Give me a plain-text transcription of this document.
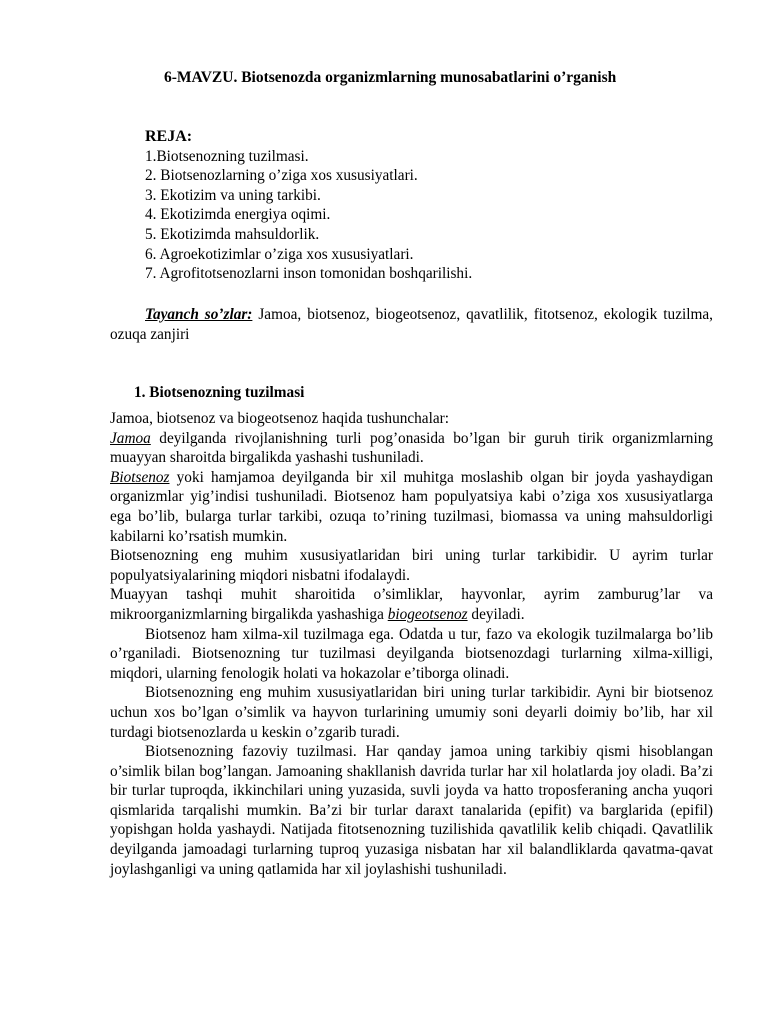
6-MAVZU. Biotsenozda organizmlarning munosabatlarini o’rganish
REJA:
1.Biotsenozning tuzilmasi.
2. Biotsenozlarning o’ziga xos xususiyatlari.
3. Ekotizim va uning tarkibi.
4. Ekotizimda energiya oqimi.
5. Ekotizimda mahsuldorlik.
6. Agroekotizimlar o’ziga xos xususiyatlari.
7. Agrofitotsenozlarni inson tomonidan boshqarilishi.

Tayanch so’zlar: Jamoa, biotsenoz, biogeotsenoz, qavatlilik, fitotsenoz, ekologik tuzilma, ozuqa zanjiri

1. Biotsenozning tuzilmasi

Jamoa, biotsenoz va biogeotsenoz haqida tushunchalar:

Jamoa deyilganda rivojlanishning turli pog’onasida bo’lgan bir guruh tirik organizmlarning muayyan sharoitda birgalikda yashashi tushuniladi.

Biotsenoz yoki hamjamoa deyilganda bir xil muhitga moslashib olgan bir joyda yashaydigan organizmlar yig’indisi tushuniladi. Biotsenoz ham populyatsiya kabi o’ziga xos xususiyatlarga ega bo’lib, bularga turlar tarkibi, ozuqa to’rining tuzilmasi, biomassa va uning mahsuldorligi kabilarni ko’rsatish mumkin.

Biotsenozning eng muhim xususiyatlaridan biri uning turlar tarkibidir. U ayrim turlar populyatsiyalarining miqdori nisbatni ifodalaydi.

Muayyan tashqi muhit sharoitida o’simliklar, hayvonlar, ayrim zamburug’lar va mikroorganizmlarning birgalikda yashashiga biogeotsenoz deyiladi.

Biotsenoz ham xilma-xil tuzilmaga ega. Odatda u tur, fazo va ekologik tuzilmalarga bo’lib o’rganiladi. Biotsenozning tur tuzilmasi deyilganda biotsenozdagi turlarning xilma-xilligi, miqdori, ularning fenologik holati va hokazolar e’tiborga olinadi.

Biotsenozning eng muhim xususiyatlaridan biri uning turlar tarkibidir. Ayni bir biotsenoz uchun xos bo’lgan o’simlik va hayvon turlarining umumiy soni deyarli doimiy bo’lib, har xil turdagi biotsenozlarda u keskin o’zgarib turadi.

Biotsenozning fazoviy tuzilmasi. Har qanday jamoa uning tarkibiy qismi hisoblangan o’simlik bilan bog’langan. Jamoaning shakllanish davrida turlar har xil holatlarda joy oladi. Ba’zi bir turlar tuproqda, ikkinchilari uning yuzasida, suvli joyda va hatto troposferaning ancha yuqori qismlarida tarqalishi mumkin. Ba’zi bir turlar daraxt tanalarida (epifit) va barglarida (epifil) yopishgan holda yashaydi. Natijada fitotsenozning tuzilishida qavatlilik kelib chiqadi. Qavatlilik deyilganda jamoadagi turlarning tuproq yuzasiga nisbatan har xil balandliklarda qavatma-qavat joylashganligi va uning qatlamida har xil joylashishi tushuniladi.
